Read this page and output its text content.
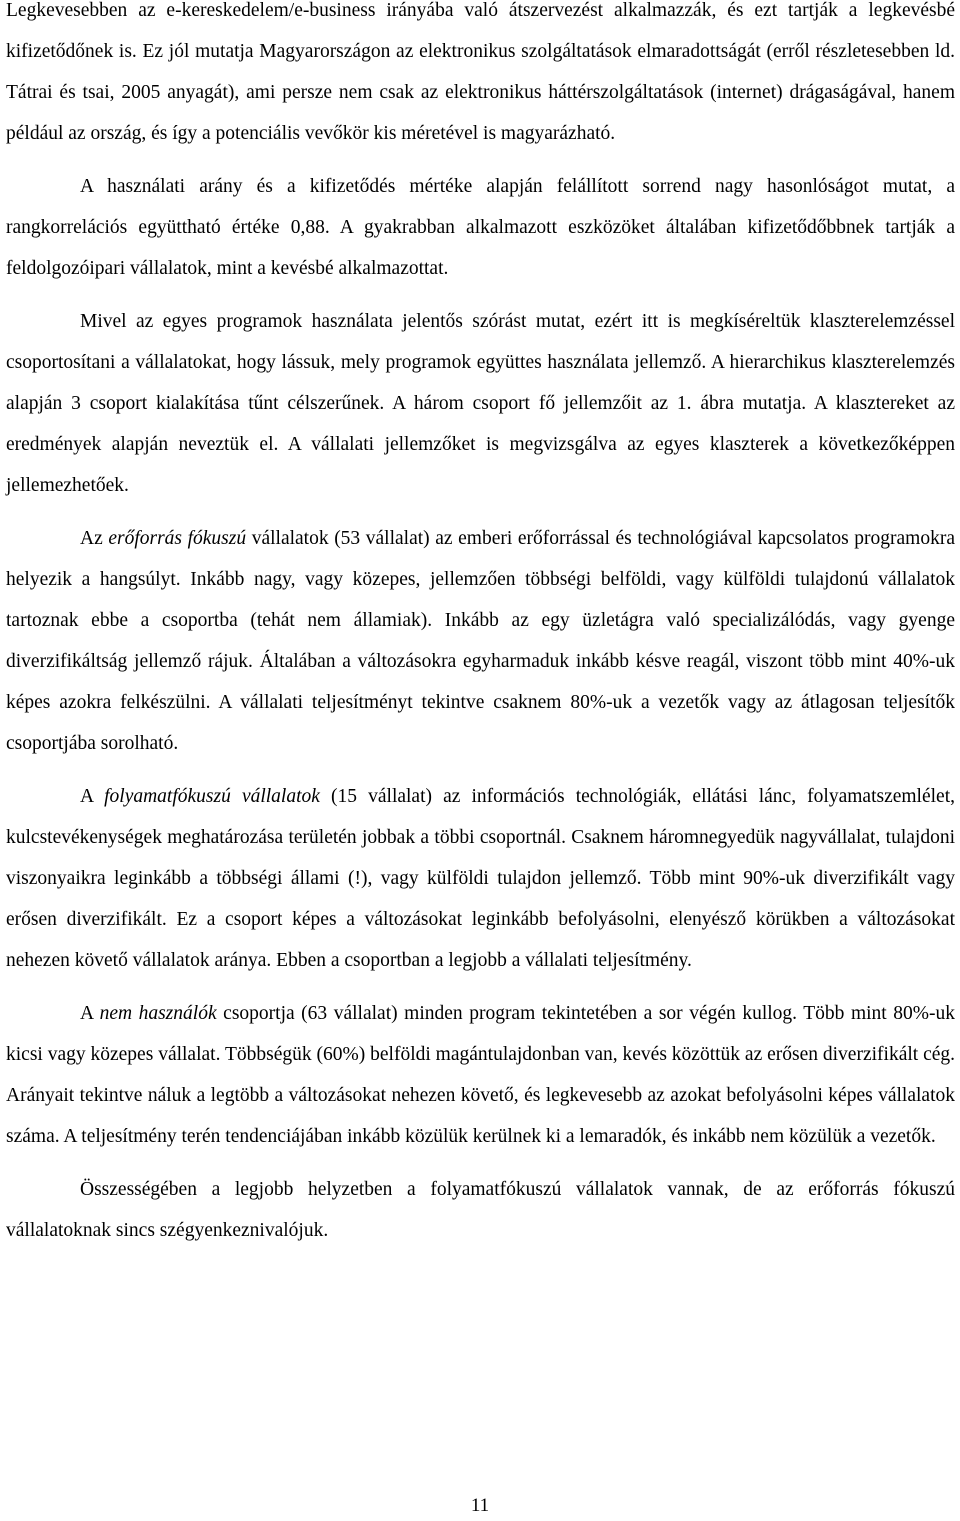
Legkevesebben az e-kereskedelem/e-business irányába való átszervezést alkalmazzák, és ezt tartják a legkevésbé kifizetődőnek is. Ez jól mutatja Magyarországon az elektronikus szolgáltatások elmaradottságát (erről részletesebben ld. Tátrai és tsai, 2005 anyagát), ami persze nem csak az elektronikus háttérszolgáltatások (internet) drágaságával, hanem például az ország, és így a potenciális vevőkör kis méretével is magyarázható.

A használati arány és a kifizetődés mértéke alapján felállított sorrend nagy hasonlóságot mutat, a rangkorrelációs együttható értéke 0,88. A gyakrabban alkalmazott eszközöket általában kifizetődőbbnek tartják a feldolgozóipari vállalatok, mint a kevésbé alkalmazottat.

Mivel az egyes programok használata jelentős szórást mutat, ezért itt is megkíséreltük klaszterelemzéssel csoportosítani a vállalatokat, hogy lássuk, mely programok együttes használata jellemző. A hierarchikus klaszterelemzés alapján 3 csoport kialakítása tűnt célszerűnek. A három csoport fő jellemzőit az 1. ábra mutatja. A klasztereket az eredmények alapján neveztük el. A vállalati jellemzőket is megvizsgálva az egyes klaszterek a következőképpen jellemezhetőek.

Az erőforrás fókuszú vállalatok (53 vállalat) az emberi erőforrással és technológiával kapcsolatos programokra helyezik a hangsúlyt. Inkább nagy, vagy közepes, jellemzően többségi belföldi, vagy külföldi tulajdonú vállalatok tartoznak ebbe a csoportba (tehát nem államiak). Inkább az egy üzletágra való specializálódás, vagy gyenge diverzifikáltság jellemző rájuk. Általában a változásokra egyharmaduk inkább késve reagál, viszont több mint 40%-uk képes azokra felkészülni. A vállalati teljesítményt tekintve csaknem 80%-uk a vezetők vagy az átlagosan teljesítők csoportjába sorolható.

A folyamatfókuszú vállalatok (15 vállalat) az információs technológiák, ellátási lánc, folyamatszemlélet, kulcstevékenységek meghatározása területén jobbak a többi csoportnál. Csaknem háromnegyedük nagyvállalat, tulajdoni viszonyaikra leginkább a többségi állami (!), vagy külföldi tulajdon jellemző. Több mint 90%-uk diverzifikált vagy erősen diverzifikált. Ez a csoport képes a változásokat leginkább befolyásolni, elenyésző körükben a változásokat nehezen követő vállalatok aránya. Ebben a csoportban a legjobb a vállalati teljesítmény.

A nem használók csoportja (63 vállalat) minden program tekintetében a sor végén kullog. Több mint 80%-uk kicsi vagy közepes vállalat. Többségük (60%) belföldi magántulajdonban van, kevés közöttük az erősen diverzifikált cég. Arányait tekintve náluk a legtöbb a változásokat nehezen követő, és legkevesebb az azokat befolyásolni képes vállalatok száma. A teljesítmény terén tendenciájában inkább közülük kerülnek ki a lemaradók, és inkább nem közülük a vezetők.

Összességében a legjobb helyzetben a folyamatfókuszú vállalatok vannak, de az erőforrás fókuszú vállalatoknak sincs szégyenkeznivalójuk.

11
